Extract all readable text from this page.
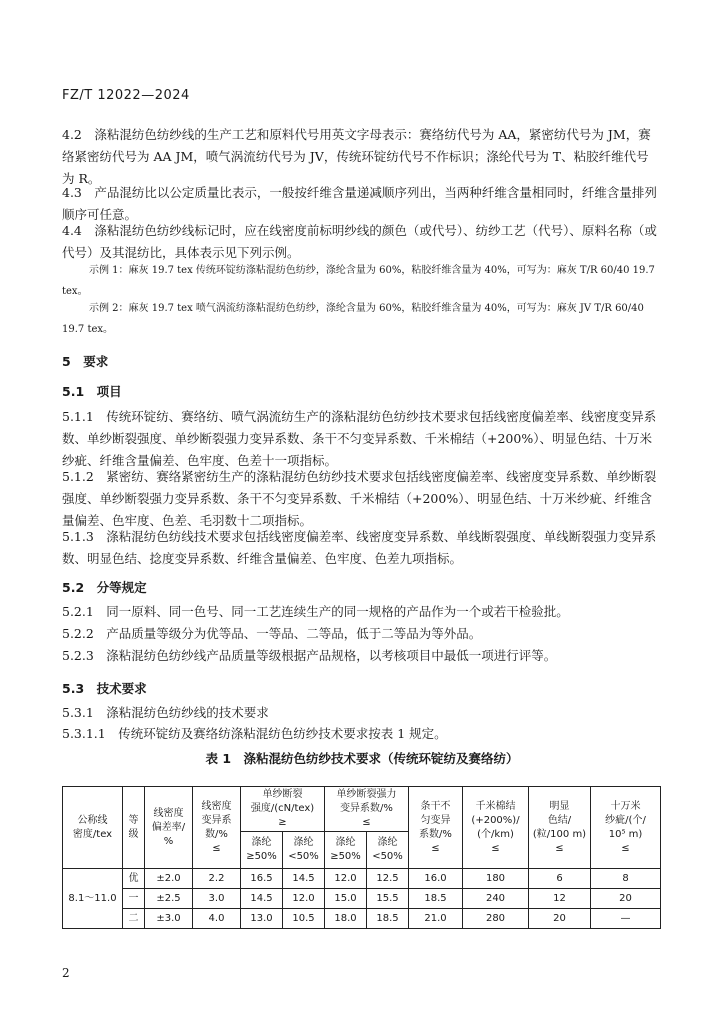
FZ/T 12022—2024
4.2　涤粘混纺色纺纱线的生产工艺和原料代号用英文字母表示：赛络纺代号为 AA，紧密纺代号为 JM，赛络紧密纺代号为 AA JM，喷气涡流纺代号为 JV，传统环锭纺代号不作标识；涤纶代号为 T、粘胶纤维代号为 R。
4.3　产品混纺比以公定质量比表示，一般按纤维含量递减顺序列出，当两种纤维含量相同时，纤维含量排列顺序可任意。
4.4　涤粘混纺色纺纱线标记时，应在线密度前标明纱线的颜色（或代号）、纺纱工艺（代号）、原料名称（或代号）及其混纺比，具体表示见下列示例。
示例 1：麻灰 19.7 tex 传统环锭纺涤粘混纺色纺纱，涤纶含量为 60%，粘胶纤维含量为 40%，可写为：麻灰 T/R 60/40 19.7 tex。
示例 2：麻灰 19.7 tex 喷气涡流纺涤粘混纺色纺纱，涤纶含量为 60%，粘胶纤维含量为 40%，可写为：麻灰 JV T/R 60/40 19.7 tex。
5　要求
5.1　项目
5.1.1　传统环锭纺、赛络纺、喷气涡流纺生产的涤粘混纺色纺纱技术要求包括线密度偏差率、线密度变异系数、单纱断裂强度、单纱断裂强力变异系数、条干不匀变异系数、千米棉结（+200%）、明显色结、十万米纱疵、纤维含量偏差、色牢度、色差十一项指标。
5.1.2　紧密纺、赛络紧密纺生产的涤粘混纺色纺纱技术要求包括线密度偏差率、线密度变异系数、单纱断裂强度、单纱断裂强力变异系数、条干不匀变异系数、千米棉结（+200%）、明显色结、十万米纱疵、纤维含量偏差、色牢度、色差、毛羽数十二项指标。
5.1.3　涤粘混纺色纺线技术要求包括线密度偏差率、线密度变异系数、单线断裂强度、单线断裂强力变异系数、明显色结、捻度变异系数、纤维含量偏差、色牢度、色差九项指标。
5.2　分等规定
5.2.1　同一原料、同一色号、同一工艺连续生产的同一规格的产品作为一个或若干检验批。
5.2.2　产品质量等级分为优等品、一等品、二等品，低于二等品为等外品。
5.2.3　涤粘混纺色纺纱线产品质量等级根据产品规格，以考核项目中最低一项进行评等。
5.3　技术要求
5.3.1　涤粘混纺色纺纱线的技术要求
5.3.1.1　传统环锭纺及赛络纺涤粘混纺色纺纱技术要求按表 1 规定。
表 1　涤粘混纺色纺纱技术要求（传统环锭纺及赛络纺）
公称线
密度/tex	等
级	线密度
偏差率/
%	线密度
变异系
数/%
≤	单纱断裂
强度/(cN/tex)
≥		单纱断裂强力
变异系数/%
≤		条干不
匀变异
系数/%
≤	千米棉结
(+200%)/
(个/km)
≤	明显
色结/
(粒/100 m)
≤	十万米
纱疵/(个/
10⁵ m)
≤
				涤纶
≥50%	涤纶
<50%	涤纶
≥50%	涤纶
<50%				
8.1～11.0	优	±2.0	2.2	16.5	14.5	12.0	12.5	16.0	180	6	8
	一	±2.5	3.0	14.5	12.0	15.0	15.5	18.5	240	12	20
	二	±3.0	4.0	13.0	10.5	18.0	18.5	21.0	280	20	—
2
